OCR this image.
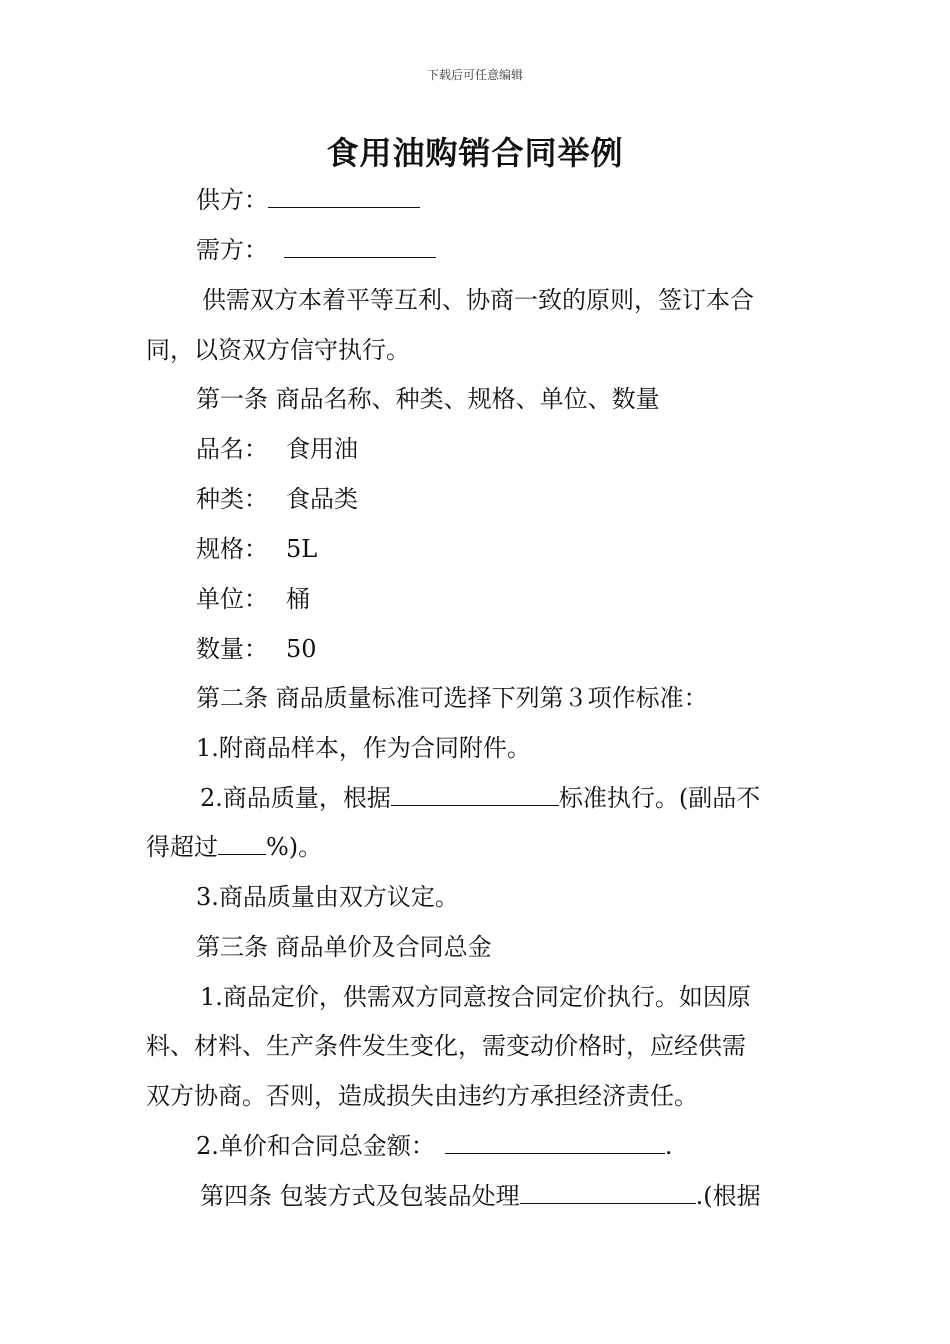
下载后可任意编辑
食用油购销合同举例
供方：
需方：
供需双方本着平等互利、协商一致的原则，签订本合
同，以资双方信守执行。
第一条 商品名称、种类、规格、单位、数量
品名： 食用油
种类： 食品类
规格： 5L
单位： 桶
数量： 50
第二条 商品质量标准可选择下列第３项作标准：
1.附商品样本，作为合同附件。
2.商品质量，根据	标准执行。(副品不
得超过 %)。
3.商品质量由双方议定。
第三条 商品单价及合同总金
1.商品定价，供需双方同意按合同定价执行。如因原
料、材料、生产条件发生变化，需变动价格时，应经供需
双方协商。否则，造成损失由违约方承担经济责任。
2.单价和合同总金额：	.
第四条 包装方式及包装品处理	.(根据
